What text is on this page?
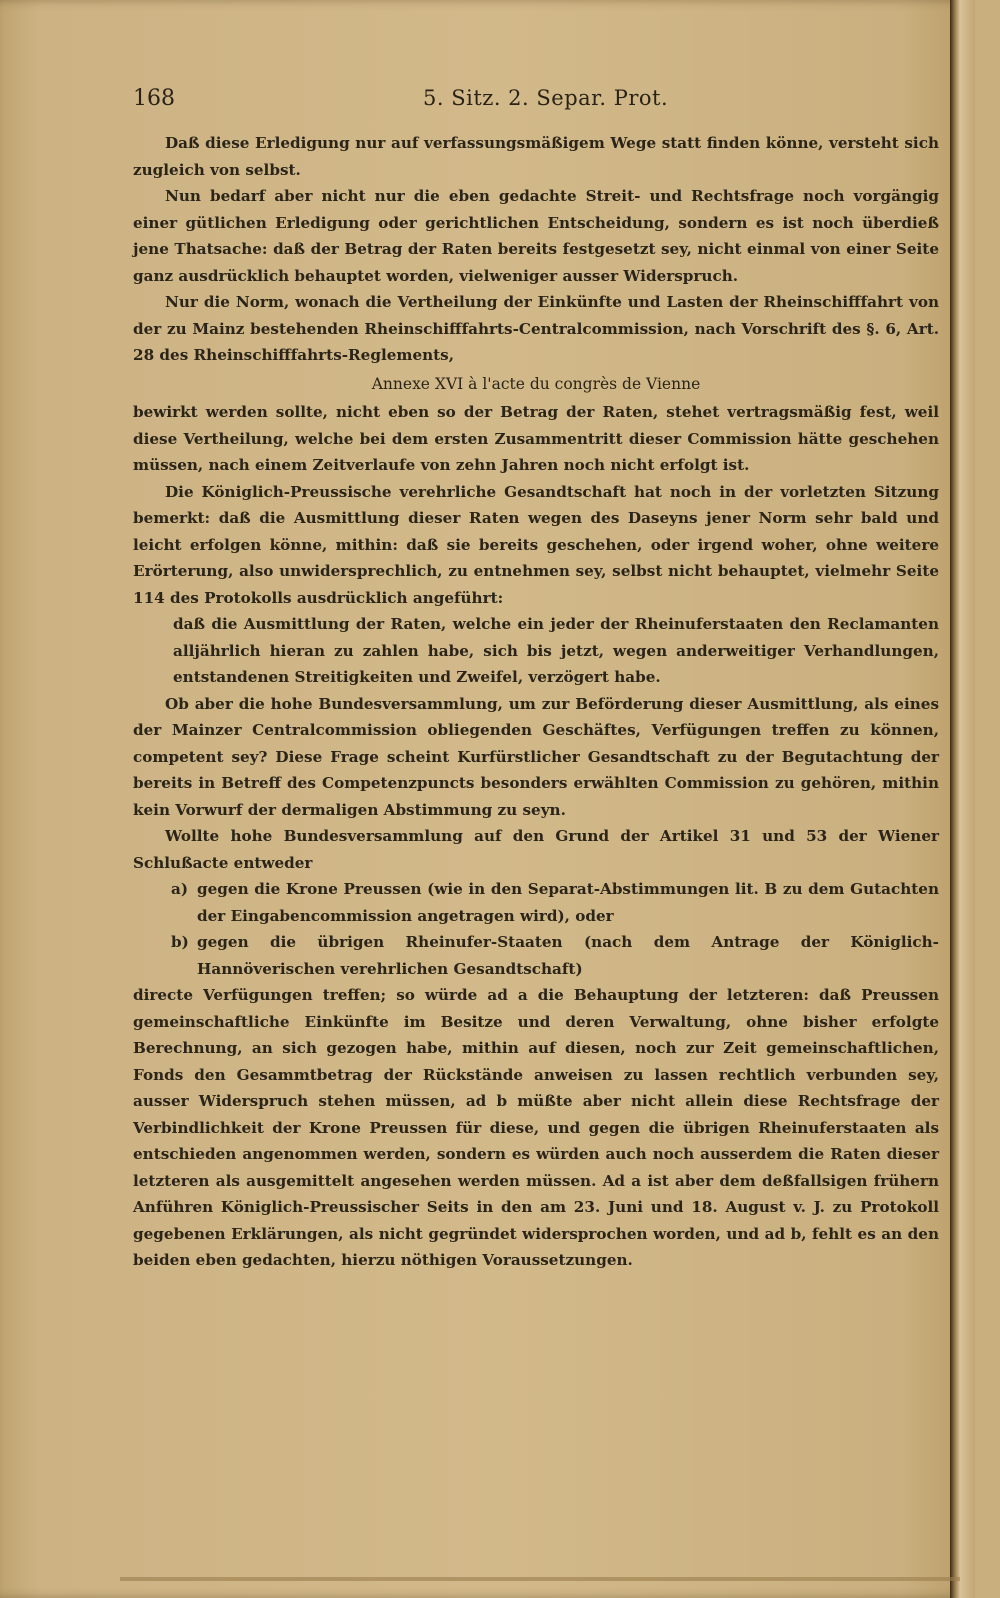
168	5. Sitz. 2. Separ. Prot.

Daß diese Erledigung nur auf verfassungsmäßigem Wege statt finden könne, versteht sich zugleich von selbst.

Nun bedarf aber nicht nur die eben gedachte Streit- und Rechtsfrage noch vorgängig einer gütlichen Erledigung oder gerichtlichen Entscheidung, sondern es ist noch überdieß jene Thatsache: daß der Betrag der Raten bereits festgesetzt sey, nicht einmal von einer Seite ganz ausdrücklich behauptet worden, vielweniger ausser Widerspruch.

Nur die Norm, wonach die Vertheilung der Einkünfte und Lasten der Rheinschifffahrt von der zu Mainz bestehenden Rheinschifffahrts-Centralcommission, nach Vorschrift des §. 6, Art. 28 des Rheinschifffahrts-Reglements,

Annexe XVI à l'acte du congrès de Vienne

bewirkt werden sollte, nicht eben so der Betrag der Raten, stehet vertragsmäßig fest, weil diese Vertheilung, welche bei dem ersten Zusammentritt dieser Commission hätte geschehen müssen, nach einem Zeitverlaufe von zehn Jahren noch nicht erfolgt ist.

Die Königlich-Preussische verehrliche Gesandtschaft hat noch in der vorletzten Sitzung bemerkt: daß die Ausmittlung dieser Raten wegen des Daseyns jener Norm sehr bald und leicht erfolgen könne, mithin: daß sie bereits geschehen, oder irgend woher, ohne weitere Erörterung, also unwidersprechlich, zu entnehmen sey, selbst nicht behauptet, vielmehr Seite 114 des Protokolls ausdrücklich angeführt:

daß die Ausmittlung der Raten, welche ein jeder der Rheinuferstaaten den Reclamanten alljährlich hieran zu zahlen habe, sich bis jetzt, wegen anderweitiger Verhandlungen, entstandenen Streitigkeiten und Zweifel, verzögert habe.

Ob aber die hohe Bundesversammlung, um zur Beförderung dieser Ausmittlung, als eines der Mainzer Centralcommission obliegenden Geschäftes, Verfügungen treffen zu können, competent sey? Diese Frage scheint Kurfürstlicher Gesandtschaft zu der Begutachtung der bereits in Betreff des Competenzpuncts besonders erwählten Commission zu gehören, mithin kein Vorwurf der dermaligen Abstimmung zu seyn.

Wollte hohe Bundesversammlung auf den Grund der Artikel 31 und 53 der Wiener Schlußacte entweder

a) gegen die Krone Preussen (wie in den Separat-Abstimmungen lit. B zu dem Gutachten der Eingabencommission angetragen wird), oder

b) gegen die übrigen Rheinufer-Staaten (nach dem Antrage der Königlich-Hannöverischen verehrlichen Gesandtschaft)

directe Verfügungen treffen; so würde ad a die Behauptung der letzteren: daß Preussen gemeinschaftliche Einkünfte im Besitze und deren Verwaltung, ohne bisher erfolgte Berechnung, an sich gezogen habe, mithin auf diesen, noch zur Zeit gemeinschaftlichen, Fonds den Gesammtbetrag der Rückstände anweisen zu lassen rechtlich verbunden sey, ausser Widerspruch stehen müssen, ad b müßte aber nicht allein diese Rechtsfrage der Verbindlichkeit der Krone Preussen für diese, und gegen die übrigen Rheinuferstaaten als entschieden angenommen werden, sondern es würden auch noch ausserdem die Raten dieser letzteren als ausgemittelt angesehen werden müssen. Ad a ist aber dem deßfallsigen frühern Anführen Königlich-Preussischer Seits in den am 23. Juni und 18. August v. J. zu Protokoll gegebenen Erklärungen, als nicht gegründet widersprochen worden, und ad b, fehlt es an den beiden eben gedachten, hierzu nöthigen Voraussetzungen.
